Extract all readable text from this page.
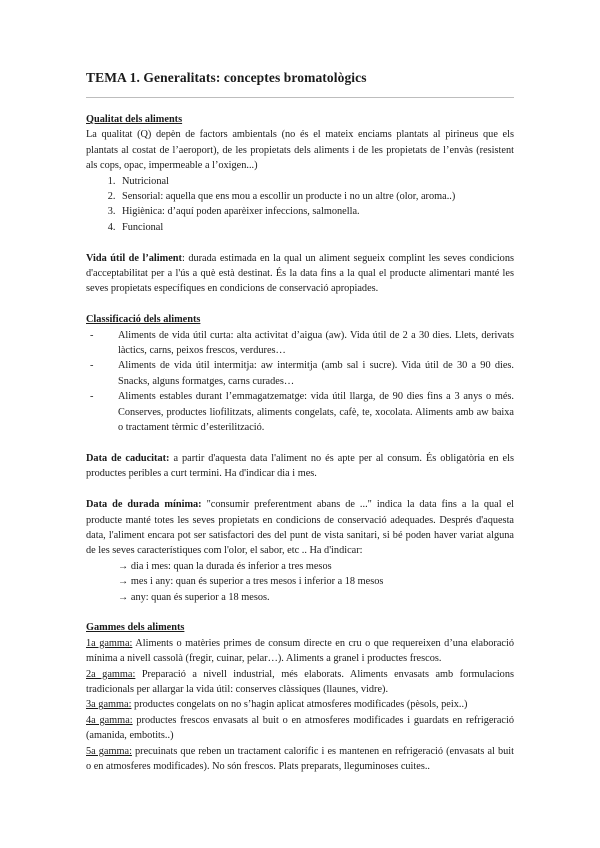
TEMA 1. Generalitats: conceptes bromatològics

Qualitat dels aliments

La qualitat (Q) depèn de factors ambientals (no és el mateix enciams plantats al pirineus que els plantats al costat de l’aeroport), de les propietats dels aliments i de les propietats de l’envàs (resistent als cops, opac, impermeable a l’oxigen...)

1. Nutricional
2. Sensorial: aquella que ens mou a escollir un producte i no un altre (olor, aroma..)
3. Higiènica: d’aquí poden aparèixer infeccions, salmonella.
4. Funcional

Vida útil de l’aliment: durada estimada en la qual un aliment segueix complint les seves condicions d'acceptabilitat per a l'ús a què està destinat. És la data fins a la qual el producte alimentari manté les seves propietats específiques en condicions de conservació apropiades.

Classificació dels aliments

- Aliments de vida útil curta: alta activitat d’aigua (aw). Vida útil de 2 a 30 dies. Llets, derivats làctics, carns, peixos frescos, verdures…
- Aliments de vida útil intermitja: aw intermitja (amb sal i sucre). Vida útil de 30 a 90 dies. Snacks, alguns formatges, carns curades…
- Aliments estables durant l’emmagatzematge: vida útil llarga, de 90 dies fins a 3 anys o més. Conserves, productes liofilitzats, aliments congelats, cafè, te, xocolata. Aliments amb aw baixa o tractament tèrmic d’esterilització.

Data de caducitat: a partir d'aquesta data l'aliment no és apte per al consum. És obligatòria en els productes peribles a curt termini. Ha d'indicar dia i mes.

Data de durada mínima: "consumir preferentment abans de ..." indica la data fins a la qual el producte manté totes les seves propietats en condicions de conservació adequades. Després d'aquesta data, l'aliment encara pot ser satisfactori des del punt de vista sanitari, si bé poden haver variat alguna de les seves característiques com l'olor, el sabor, etc .. Ha d'indicar:

→ dia i mes: quan la durada és inferior a tres mesos
→ mes i any: quan és superior a tres mesos i inferior a 18 mesos
→ any: quan és superior a 18 mesos.

Gammes dels aliments

1a gamma: Aliments o matèries primes de consum directe en cru o que requereixen d’una elaboració mínima a nivell cassolà (fregir, cuinar, pelar…). Aliments a granel i productes frescos.

2a gamma: Preparació a nivell industrial, més elaborats. Aliments envasats amb formulacions tradicionals per allargar la vida útil: conserves clàssiques (llaunes, vidre).

3a gamma: productes congelats on no s’hagin aplicat atmosferes modificades (pèsols, peix..)

4a gamma: productes frescos envasats al buit o en atmosferes modificades i guardats en refrigeració (amanida, embotits..)

5a gamma: precuinats que reben un tractament calorífic i es mantenen en refrigeració (envasats al buit o en atmosferes modificades). No són frescos. Plats preparats, lleguminoses cuites..
